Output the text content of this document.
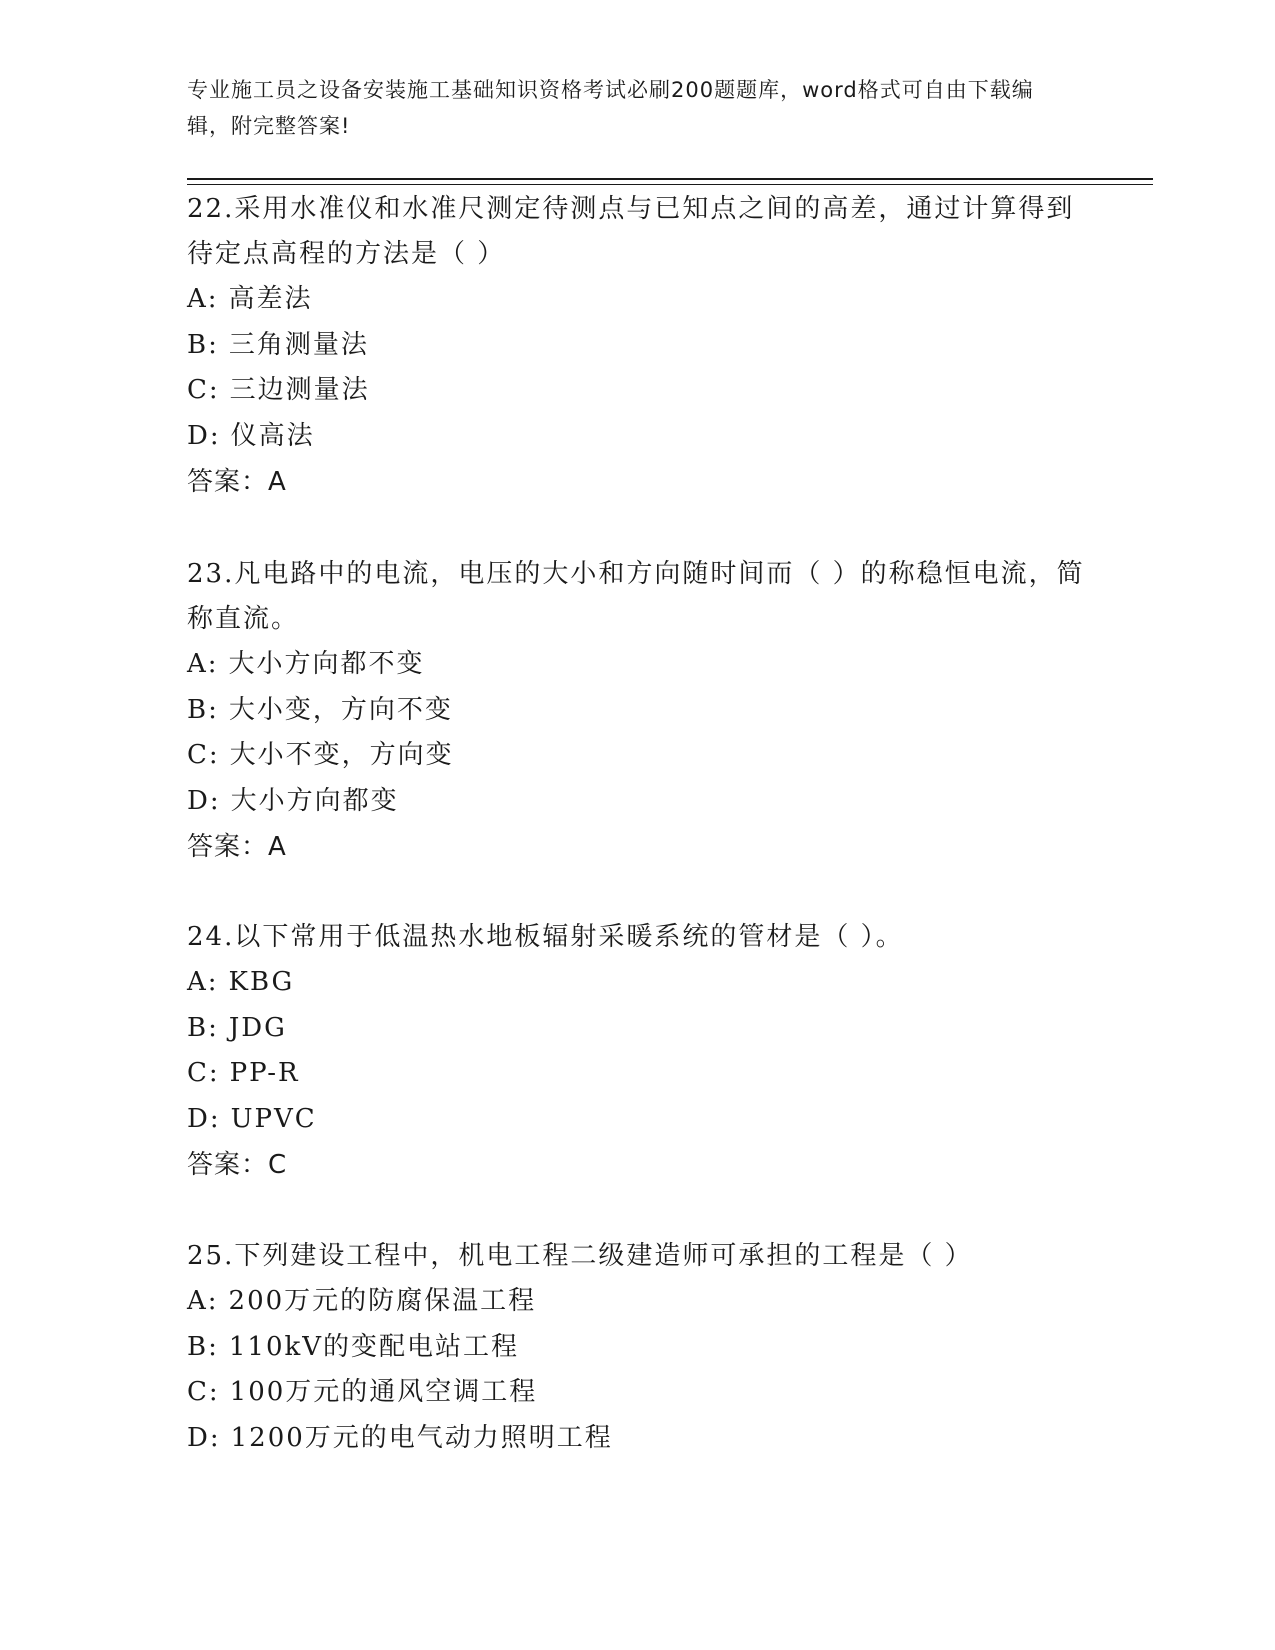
专业施工员之设备安装施工基础知识资格考试必刷200题题库，word格式可自由下载编辑，附完整答案!

22.采用水准仪和水准尺测定待测点与已知点之间的高差，通过计算得到待定点高程的方法是（ ）

A: 高差法

B: 三角测量法

C: 三边测量法

D: 仪高法

答案：A

23.凡电路中的电流，电压的大小和方向随时间而（ ）的称稳恒电流，简称直流。

A: 大小方向都不变

B: 大小变，方向不变

C: 大小不变，方向变

D: 大小方向都变

答案：A

24.以下常用于低温热水地板辐射采暖系统的管材是（ ）。

A: KBG

B: JDG

C: PP-R

D: UPVC

答案：C

25.下列建设工程中，机电工程二级建造师可承担的工程是（ ）

A: 200万元的防腐保温工程

B: 110kV的变配电站工程

C: 100万元的通风空调工程

D: 1200万元的电气动力照明工程
